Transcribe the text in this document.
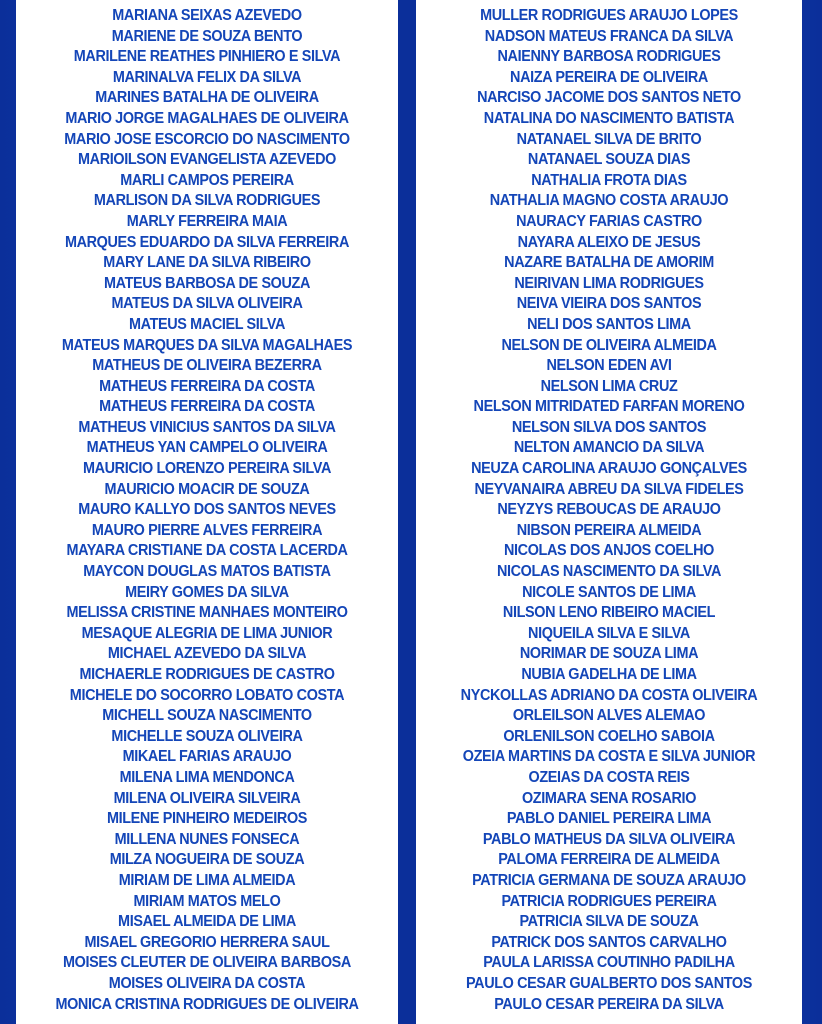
MARIANA SEIXAS AZEVEDO
MARIENE DE SOUZA BENTO
MARILENE REATHES PINHIERO E SILVA
MARINALVA FELIX DA SILVA
MARINES BATALHA DE OLIVEIRA
MARIO JORGE MAGALHAES DE OLIVEIRA
MARIO JOSE ESCORCIO DO NASCIMENTO
MARIOILSON EVANGELISTA AZEVEDO
MARLI CAMPOS PEREIRA
MARLISON DA SILVA RODRIGUES
MARLY FERREIRA MAIA
MARQUES EDUARDO DA SILVA FERREIRA
MARY LANE DA SILVA RIBEIRO
MATEUS BARBOSA DE SOUZA
MATEUS DA SILVA OLIVEIRA
MATEUS MACIEL SILVA
MATEUS MARQUES DA SILVA MAGALHAES
MATHEUS DE OLIVEIRA BEZERRA
MATHEUS FERREIRA DA COSTA
MATHEUS FERREIRA DA COSTA
MATHEUS VINICIUS SANTOS DA SILVA
MATHEUS YAN CAMPELO OLIVEIRA
MAURICIO LORENZO PEREIRA SILVA
MAURICIO MOACIR DE SOUZA
MAURO KALLYO DOS SANTOS NEVES
MAURO PIERRE ALVES FERREIRA
MAYARA CRISTIANE DA COSTA LACERDA
MAYCON DOUGLAS MATOS BATISTA
MEIRY GOMES DA SILVA
MELISSA CRISTINE MANHAES MONTEIRO
MESAQUE ALEGRIA DE LIMA JUNIOR
MICHAEL AZEVEDO DA SILVA
MICHAERLE RODRIGUES DE CASTRO
MICHELE DO SOCORRO LOBATO COSTA
MICHELL SOUZA NASCIMENTO
MICHELLE SOUZA OLIVEIRA
MIKAEL FARIAS ARAUJO
MILENA LIMA MENDONCA
MILENA OLIVEIRA SILVEIRA
MILENE PINHEIRO MEDEIROS
MILLENA NUNES FONSECA
MILZA NOGUEIRA DE SOUZA
MIRIAM DE LIMA ALMEIDA
MIRIAM MATOS MELO
MISAEL ALMEIDA DE LIMA
MISAEL GREGORIO HERRERA SAUL
MOISES CLEUTER DE OLIVEIRA BARBOSA
MOISES OLIVEIRA DA COSTA
MONICA CRISTINA RODRIGUES DE OLIVEIRA
MULLER RODRIGUES ARAUJO LOPES
NADSON MATEUS FRANCA DA SILVA
NAIENNY BARBOSA RODRIGUES
NAIZA PEREIRA DE OLIVEIRA
NARCISO JACOME DOS SANTOS NETO
NATALINA DO NASCIMENTO BATISTA
NATANAEL SILVA DE BRITO
NATANAEL SOUZA DIAS
NATHALIA FROTA DIAS
NATHALIA MAGNO COSTA ARAUJO
NAURACY FARIAS CASTRO
NAYARA ALEIXO DE JESUS
NAZARE BATALHA DE AMORIM
NEIRIVAN LIMA RODRIGUES
NEIVA VIEIRA DOS SANTOS
NELI DOS SANTOS LIMA
NELSON DE OLIVEIRA ALMEIDA
NELSON EDEN AVI
NELSON LIMA CRUZ
NELSON MITRIDATED FARFAN MORENO
NELSON SILVA DOS SANTOS
NELTON AMANCIO DA SILVA
NEUZA CAROLINA ARAUJO GONÇALVES
NEYVANAIRA ABREU DA SILVA FIDELES
NEYZYS REBOUCAS DE ARAUJO
NIBSON PEREIRA ALMEIDA
NICOLAS DOS ANJOS COELHO
NICOLAS NASCIMENTO DA SILVA
NICOLE SANTOS DE LIMA
NILSON LENO RIBEIRO MACIEL
NIQUEILA SILVA E SILVA
NORIMAR DE SOUZA LIMA
NUBIA GADELHA DE LIMA
NYCKOLLAS ADRIANO DA COSTA OLIVEIRA
ORLEILSON ALVES ALEMAO
ORLENILSON COELHO SABOIA
OZEIA MARTINS DA COSTA E SILVA JUNIOR
OZEIAS DA COSTA REIS
OZIMARA SENA ROSARIO
PABLO DANIEL PEREIRA LIMA
PABLO MATHEUS DA SILVA OLIVEIRA
PALOMA FERREIRA DE ALMEIDA
PATRICIA GERMANA DE SOUZA ARAUJO
PATRICIA RODRIGUES PEREIRA
PATRICIA SILVA DE SOUZA
PATRICK DOS SANTOS CARVALHO
PAULA LARISSA COUTINHO PADILHA
PAULO CESAR GUALBERTO DOS SANTOS
PAULO CESAR PEREIRA DA SILVA
